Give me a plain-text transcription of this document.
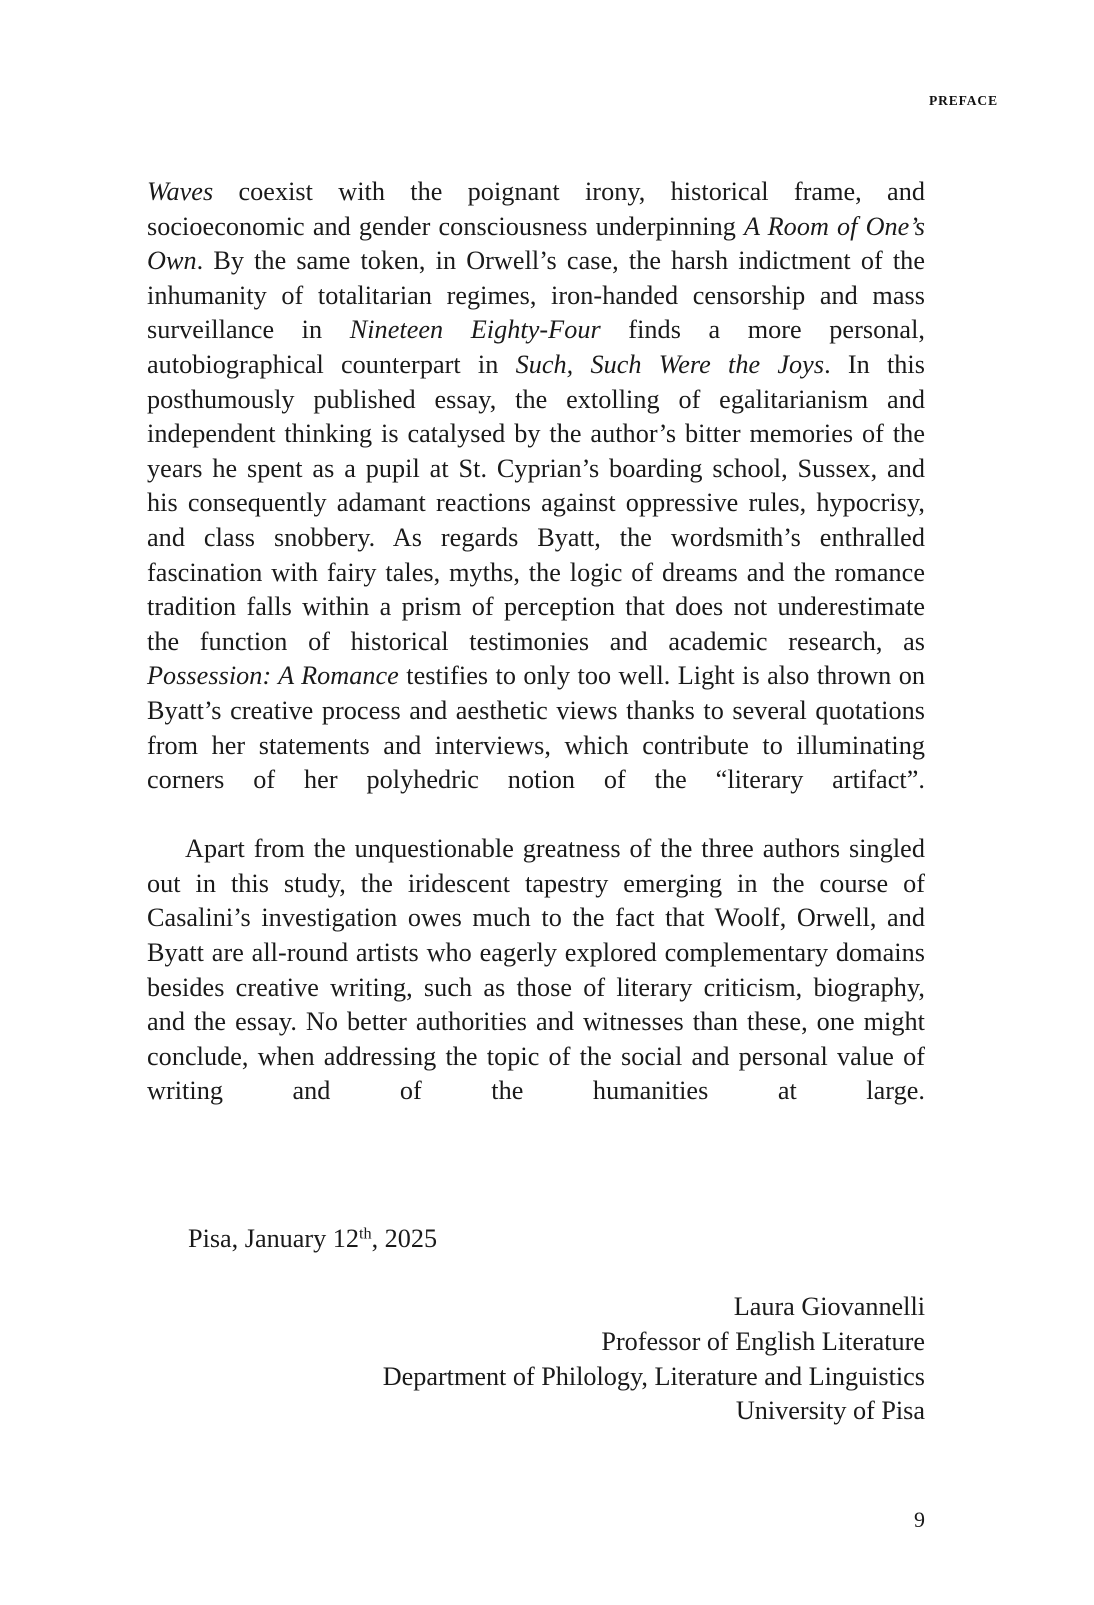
PREFACE

Waves coexist with the poignant irony, historical frame, and socioeconomic and gender consciousness underpinning A Room of One’s Own. By the same token, in Orwell’s case, the harsh indictment of the inhumanity of totalitarian regimes, iron-handed censorship and mass surveillance in Nineteen Eighty-Four finds a more personal, autobiographical counterpart in Such, Such Were the Joys. In this posthumously published essay, the extolling of egalitarianism and independent thinking is catalysed by the author’s bitter memories of the years he spent as a pupil at St. Cyprian’s boarding school, Sussex, and his consequently adamant reactions against oppressive rules, hypocrisy, and class snobbery. As regards Byatt, the wordsmith’s enthralled fascination with fairy tales, myths, the logic of dreams and the romance tradition falls within a prism of perception that does not underestimate the function of historical testimonies and academic research, as Possession: A Romance testifies to only too well. Light is also thrown on Byatt’s creative process and aesthetic views thanks to several quotations from her statements and interviews, which contribute to illuminating corners of her polyhedric notion of the “literary artifact”.

Apart from the unquestionable greatness of the three authors singled out in this study, the iridescent tapestry emerging in the course of Casalini’s investigation owes much to the fact that Woolf, Orwell, and Byatt are all-round artists who eagerly explored complementary domains besides creative writing, such as those of literary criticism, biography, and the essay. No better authorities and witnesses than these, one might conclude, when addressing the topic of the social and personal value of writing and of the humanities at large.

Pisa, January 12th, 2025
Laura Giovannelli
Professor of English Literature
Department of Philology, Literature and Linguistics
University of Pisa
9
